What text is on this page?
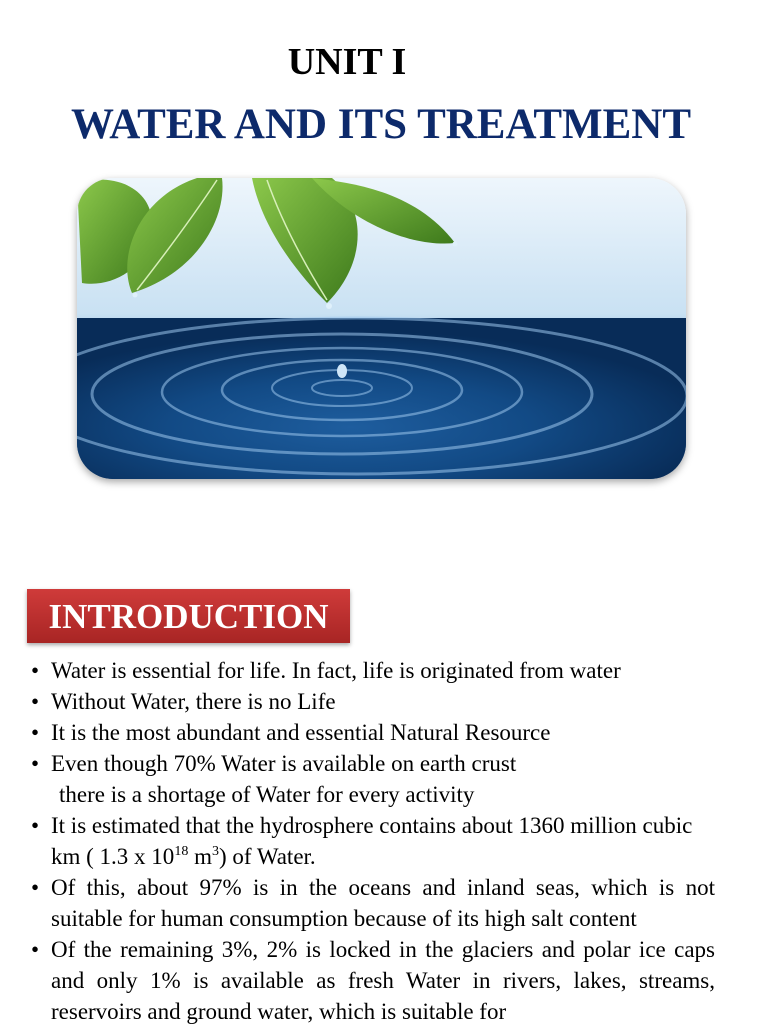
UNIT I
WATER AND ITS TREATMENT
INTRODUCTION
• Water is essential for life. In fact, life is originated from water
• Without Water, there is no Life
• It is the most abundant and essential Natural Resource
• Even though 70% Water is available on earth crust
there is a shortage of Water for every activity
• It is estimated that the hydrosphere contains about 1360 million cubic km ( 1.3 x $10^{18}$ $m^3$) of Water.
• Of this, about 97% is in the oceans and inland seas, which is not suitable for human consumption because of its high salt content
• Of the remaining 3%, 2% is locked in the glaciers and polar ice caps and only 1% is available as fresh Water in rivers, lakes, streams, reservoirs and ground water, which is suitable for
